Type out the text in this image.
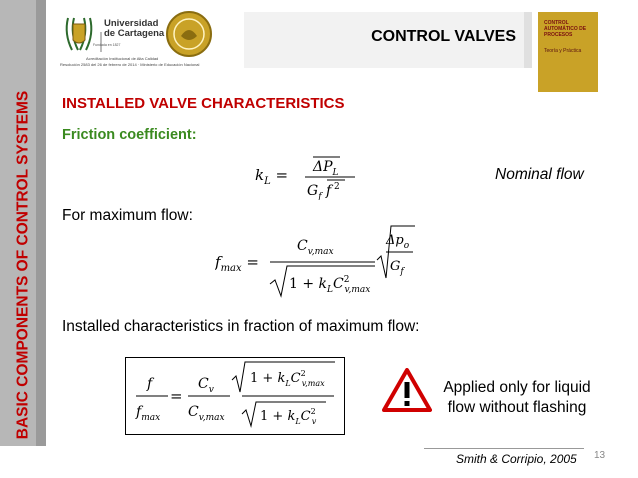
BASIC COMPONENTS OF CONTROL SYSTEMS
Universidad
de Cartagena
Fundada en 1827
Acreditación Institucional de Alta Calidad
Resolución 2583 del 26 de febrero de 2014 · Ministerio de Educación Nacional
CONTROL VALVES
CONTROL AUTOMÁTICO DE PROCESOS
Teoría y Práctica
INSTALLED VALVE CHARACTERISTICS
Friction coefficient:
$k_L = \Delta P_L$
$G_f$ f $^2$
Nominal flow
For maximum flow:
$f_{max}$ =
$C_{v,max}$
$1 + k_LC^2$ v,max
$\Delta p_o$
$G_f$
Installed characteristics in fraction of maximum flow:
f
$f_{max}$
=
$C_v$
$C_{v,max}$
$1 + k_LC^2$ v,max
$1 + k_LC^2$ v
Applied only for liquid
flow without flashing
Smith & Corripio, 2005 13
